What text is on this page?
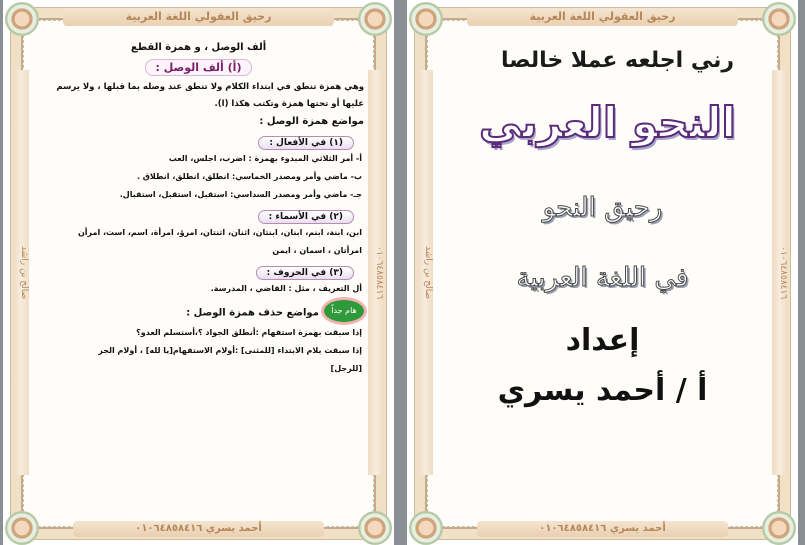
رحيق العقولي اللغة العربية
أحمد يسري ٠١٠٦٤٨٥٨٤١٦
صالح بن راشد	٠١٠٦٤٨٥٨٤١٦
ألف الوصل ، و همزة القطع
(أ) ألف الوصل :
وهي همزة تنطق في ابتداء الكلام ولا تنطق عند وصله بما قبلها ، ولا يرسم
عليها أو تحتها همزة وتكتب هكذا (ا).
مواضع همزة الوصل :
(١) في الأفعال :
أ- أمر الثلاثي المبدوء بهمزة : اضرب، اجلس، العب
ب- ماضي وأمر ومصدر الخماسي: انطلق، انطلق، انطلاق .
جـ- ماضي وأمر ومصدر السداسي: استقبل، استقبل، استقبال.
(٢) في الأسماء :
ابن، ابنة، ابنم، ابنان، ابنتان، اثنان، اثنتان، امرؤ، امرأة، اسم، است، امرأن
امرأتان ، اسمان ، ايمن
(٣) في الحروف :
أل التعريف ، مثل : القاضي ، المدرسة.
هام جداً مواضع حذف همزة الوصل :
إذا سبقت بهمزة استفهام :أنطلق الجواد ؟،أستسلم العدو؟
إذا سبقت بلام الابتداء [للمثنى] :أولام الاستفهام[يا لله] ، أولام الجر
[للرجل]
رحيق العقولي اللغة العربية
أحمد يسري ٠١٠٦٤٨٥٨٤١٦
صالح بن راشد	٠١٠٦٤٨٥٨٤١٦
رني اجلعه عملا خالصا
النحو العربي
رحيق النحو
في اللغة العربية
إعداد
أ / أحمد يسري
